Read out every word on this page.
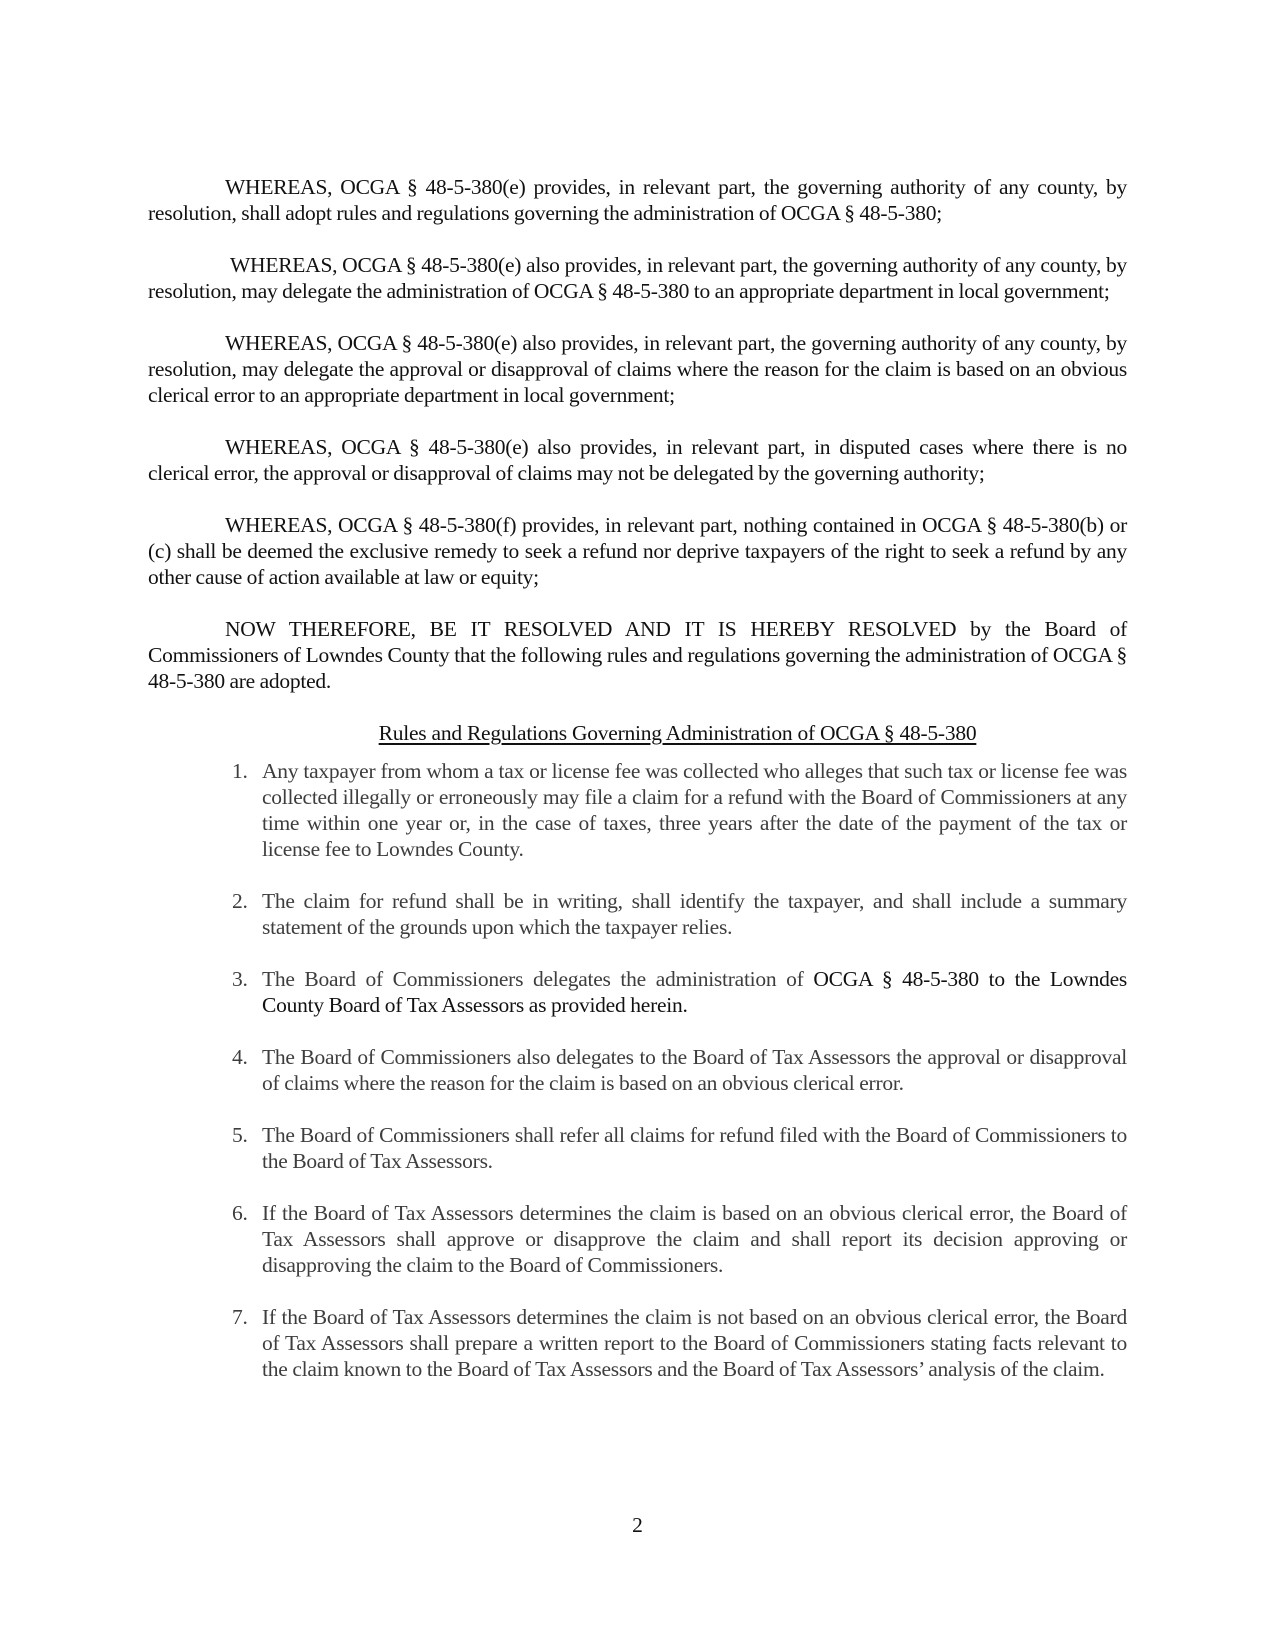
WHEREAS, OCGA § 48-5-380(e) provides, in relevant part, the governing authority of any county, by resolution, shall adopt rules and regulations governing the administration of OCGA § 48-5-380;

WHEREAS, OCGA § 48-5-380(e) also provides, in relevant part, the governing authority of any county, by resolution, may delegate the administration of OCGA § 48-5-380 to an appropriate department in local government;

WHEREAS, OCGA § 48-5-380(e) also provides, in relevant part, the governing authority of any county, by resolution, may delegate the approval or disapproval of claims where the reason for the claim is based on an obvious clerical error to an appropriate department in local government;

WHEREAS, OCGA § 48-5-380(e) also provides, in relevant part, in disputed cases where there is no clerical error, the approval or disapproval of claims may not be delegated by the governing authority;

WHEREAS, OCGA § 48-5-380(f) provides, in relevant part, nothing contained in OCGA § 48-5-380(b) or (c) shall be deemed the exclusive remedy to seek a refund nor deprive taxpayers of the right to seek a refund by any other cause of action available at law or equity;

NOW THEREFORE, BE IT RESOLVED AND IT IS HEREBY RESOLVED by the Board of Commissioners of Lowndes County that the following rules and regulations governing the administration of OCGA § 48-5-380 are adopted.

Rules and Regulations Governing Administration of OCGA § 48-5-380
1. Any taxpayer from whom a tax or license fee was collected who alleges that such tax or license fee was collected illegally or erroneously may file a claim for a refund with the Board of Commissioners at any time within one year or, in the case of taxes, three years after the date of the payment of the tax or license fee to Lowndes County.
2. The claim for refund shall be in writing, shall identify the taxpayer, and shall include a summary statement of the grounds upon which the taxpayer relies.
3. The Board of Commissioners delegates the administration of OCGA § 48-5-380 to the Lowndes County Board of Tax Assessors as provided herein.
4. The Board of Commissioners also delegates to the Board of Tax Assessors the approval or disapproval of claims where the reason for the claim is based on an obvious clerical error.
5. The Board of Commissioners shall refer all claims for refund filed with the Board of Commissioners to the Board of Tax Assessors.
6. If the Board of Tax Assessors determines the claim is based on an obvious clerical error, the Board of Tax Assessors shall approve or disapprove the claim and shall report its decision approving or disapproving the claim to the Board of Commissioners.
7. If the Board of Tax Assessors determines the claim is not based on an obvious clerical error, the Board of Tax Assessors shall prepare a written report to the Board of Commissioners stating facts relevant to the claim known to the Board of Tax Assessors and the Board of Tax Assessors’ analysis of the claim.
2
